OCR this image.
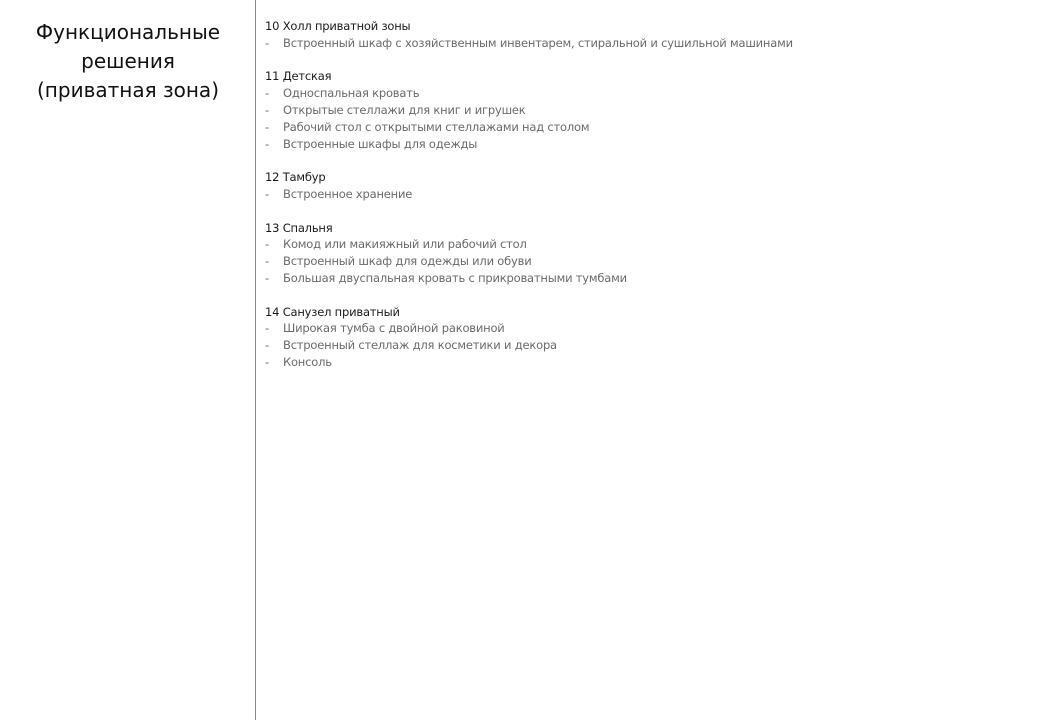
Функциональные
решения
(приватная зона)
10 Холл приватной зоны
- Встроенный шкаф с хозяйственным инвентарем, стиральной и сушильной машинами
11 Детская
- Односпальная кровать
- Открытые стеллажи для книг и игрушек
- Рабочий стол с открытыми стеллажами над столом
- Встроенные шкафы для одежды
12 Тамбур
- Встроенное хранение
13 Спальня
- Комод или макияжный или рабочий стол
- Встроенный шкаф для одежды или обуви
- Большая двуспальная кровать с прикроватными тумбами
14 Санузел приватный
- Широкая тумба с двойной раковиной
- Встроенный стеллаж для косметики и декора
- Консоль
